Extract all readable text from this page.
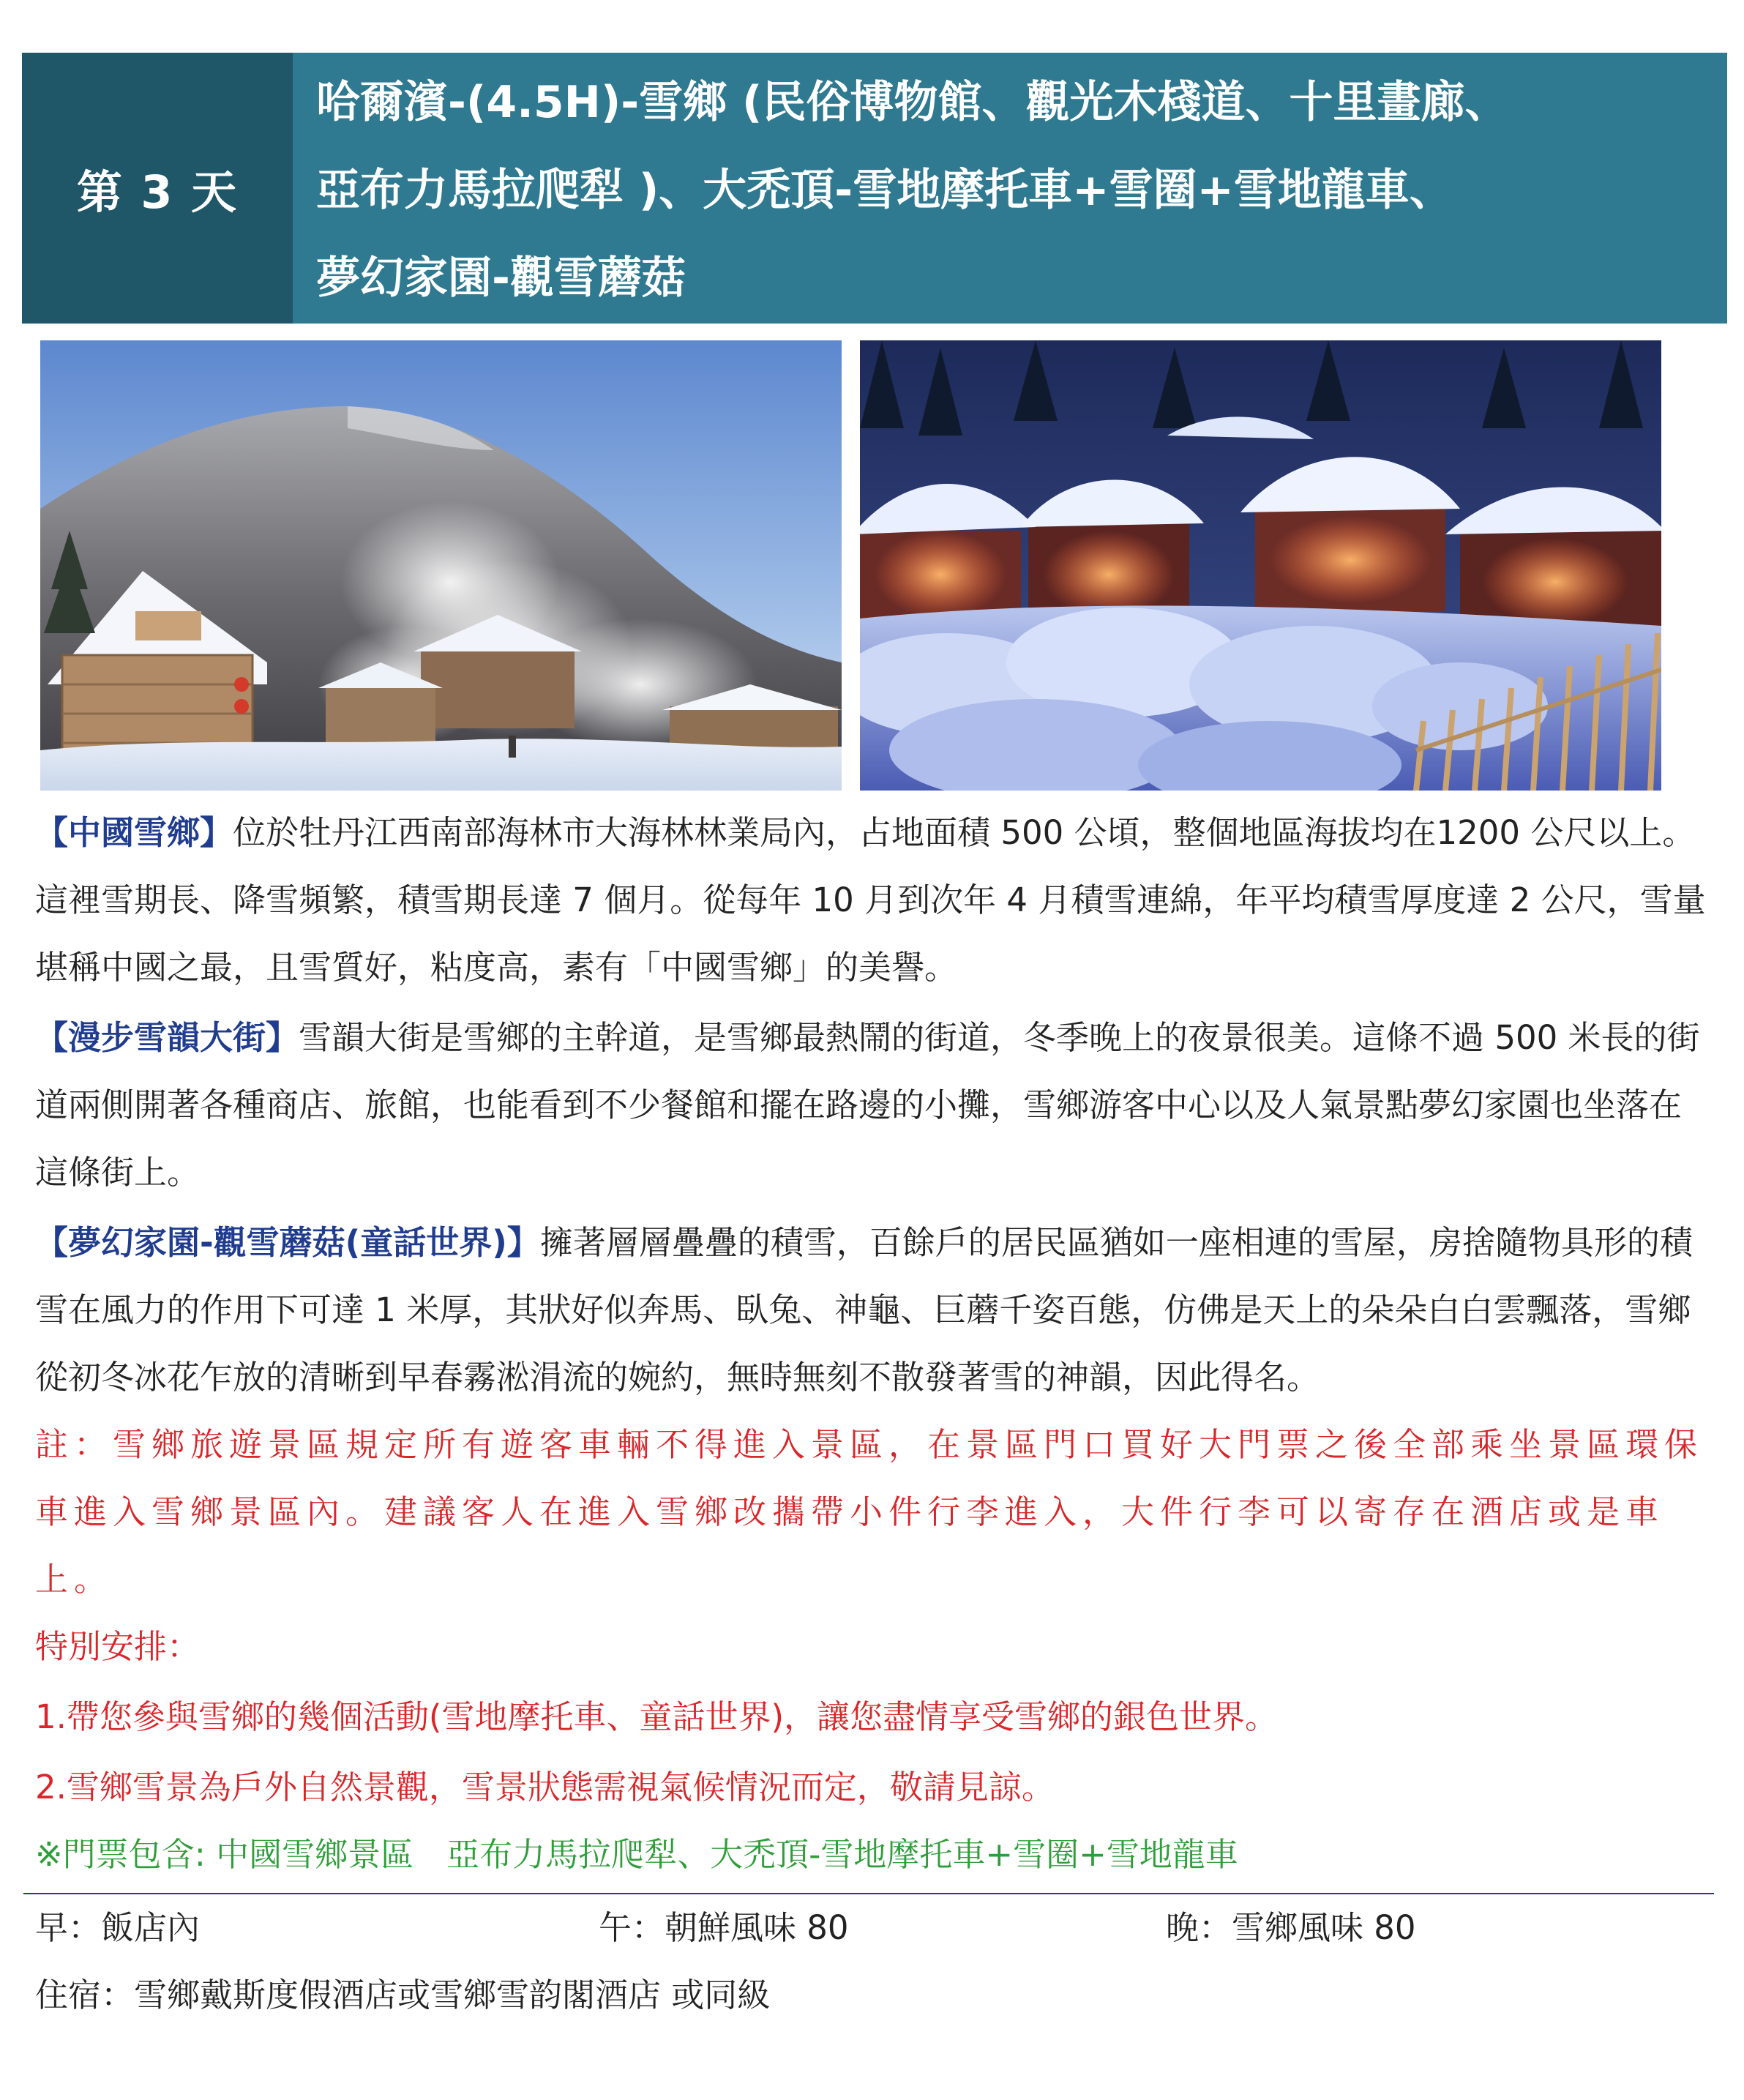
第 3 天
哈爾濱-(4.5H)-雪鄉 (民俗博物館、觀光木棧道、十里畫廊、
亞布力馬拉爬犁 )、大禿頂-雪地摩托車+雪圈+雪地龍車、
夢幻家園-觀雪蘑菇

【中國雪鄉】位於牡丹江西南部海林市大海林林業局內，占地面積 500 公頃，整個地區海拔均在1200 公尺以上。這裡雪期長、降雪頻繁，積雪期長達 7 個月。從每年 10 月到次年 4 月積雪連綿，年平均積雪厚度達 2 公尺，雪量堪稱中國之最，且雪質好，粘度高，素有「中國雪鄉」的美譽。

【漫步雪韻大街】雪韻大街是雪鄉的主幹道，是雪鄉最熱鬧的街道，冬季晚上的夜景很美。這條不過 500 米長的街道兩側開著各種商店、旅館，也能看到不少餐館和擺在路邊的小攤，雪鄉游客中心以及人氣景點夢幻家園也坐落在這條街上。

【夢幻家園-觀雪蘑菇(童話世界)】擁著層層疊疊的積雪，百餘戶的居民區猶如一座相連的雪屋，房捨隨物具形的積雪在風力的作用下可達 1 米厚，其狀好似奔馬、臥兔、神龜、巨蘑千姿百態，仿佛是天上的朵朵白白雲飄落，雪鄉從初冬冰花乍放的清晰到早春霧淞涓流的婉約，無時無刻不散發著雪的神韻，因此得名。

註：雪鄉旅遊景區規定所有遊客車輛不得進入景區，在景區門口買好大門票之後全部乘坐景區環保車進入雪鄉景區內。建議客人在進入雪鄉改攜帶小件行李進入，大件行李可以寄存在酒店或是車上。
特別安排：
1.帶您參與雪鄉的幾個活動(雪地摩托車、童話世界)，讓您盡情享受雪鄉的銀色世界。
2.雪鄉雪景為戶外自然景觀，雪景狀態需視氣候情況而定，敬請見諒。
※門票包含: 中國雪鄉景區　亞布力馬拉爬犁、大禿頂-雪地摩托車+雪圈+雪地龍車
早：飯店內	午：朝鮮風味 80	晚：雪鄉風味 80
住宿：雪鄉戴斯度假酒店或雪鄉雪韵閣酒店 或同級
